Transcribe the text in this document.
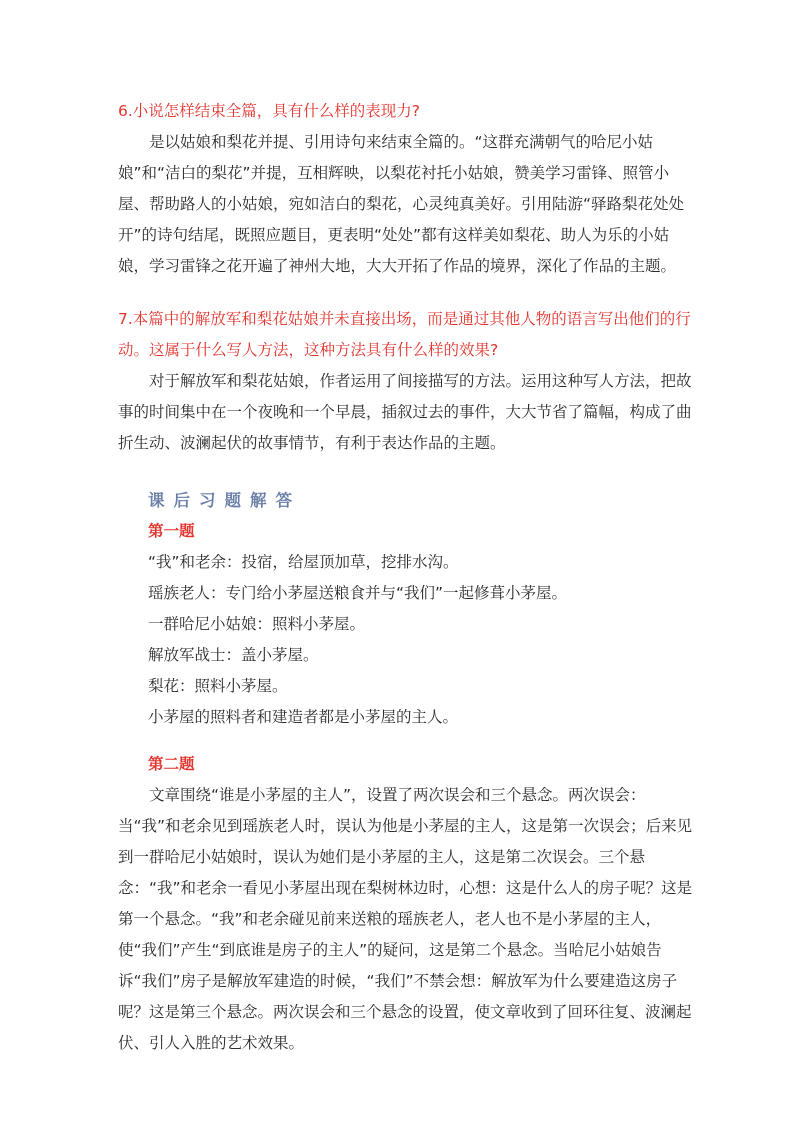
6.小说怎样结束全篇，具有什么样的表现力?

是以姑娘和梨花并提、引用诗句来结束全篇的。“这群充满朝气的哈尼小姑娘”和“洁白的梨花”并提，互相辉映，以梨花衬托小姑娘，赞美学习雷锋、照管小屋、帮助路人的小姑娘，宛如洁白的梨花，心灵纯真美好。引用陆游“驿路梨花处处开”的诗句结尾，既照应题目，更表明“处处”都有这样美如梨花、助人为乐的小姑娘，学习雷锋之花开遍了神州大地，大大开拓了作品的境界，深化了作品的主题。

7.本篇中的解放军和梨花姑娘并未直接出场，而是通过其他人物的语言写出他们的行动。这属于什么写人方法，这种方法具有什么样的效果?

对于解放军和梨花姑娘，作者运用了间接描写的方法。运用这种写人方法，把故事的时间集中在一个夜晚和一个早晨，插叙过去的事件，大大节省了篇幅，构成了曲折生动、波澜起伏的故事情节，有利于表达作品的主题。

课后习题解答

第一题

“我”和老余：投宿，给屋顶加草，挖排水沟。

瑶族老人：专门给小茅屋送粮食并与“我们”一起修葺小茅屋。

一群哈尼小姑娘：照料小茅屋。

解放军战士：盖小茅屋。

梨花：照料小茅屋。

小茅屋的照料者和建造者都是小茅屋的主人。

第二题

文章围绕“谁是小茅屋的主人”，设置了两次误会和三个悬念。两次误会：当“我”和老余见到瑶族老人时，误认为他是小茅屋的主人，这是第一次误会；后来见到一群哈尼小姑娘时，误认为她们是小茅屋的主人，这是第二次误会。三个悬念：“我”和老余一看见小茅屋出现在梨树林边时，心想：这是什么人的房子呢？这是第一个悬念。“我”和老余碰见前来送粮的瑶族老人，老人也不是小茅屋的主人，使“我们”产生“到底谁是房子的主人”的疑问，这是第二个悬念。当哈尼小姑娘告诉“我们”房子是解放军建造的时候，“我们”不禁会想：解放军为什么要建造这房子呢？这是第三个悬念。两次误会和三个悬念的设置，使文章收到了回环往复、波澜起伏、引人入胜的艺术效果。
